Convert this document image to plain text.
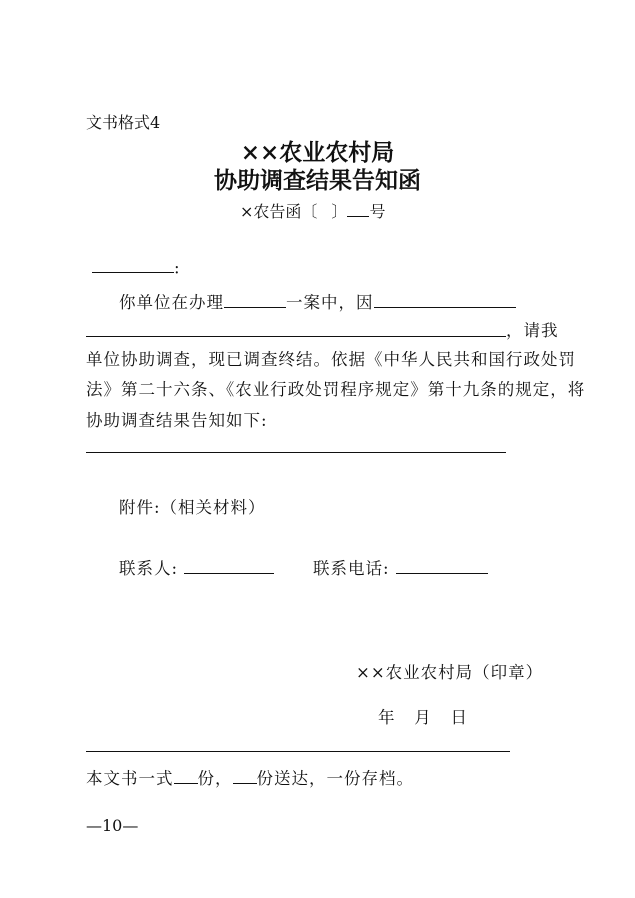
文书格式4
××农业农村局
协助调查结果告知函
×农告函〔 〕 号
:
你单位在办理	一案中，因
，请我
单位协助调查，现已调查终结。依据《中华人民共和国行政处罚
法》第二十六条、《农业行政处罚程序规定》第十九条的规定，将
协助调查结果告知如下:
附件:（相关材料）
联系人:	联系电话:
××农业农村局（印章）
年   月   日
本文书一式 份， 份送达，一份存档。
—10—
